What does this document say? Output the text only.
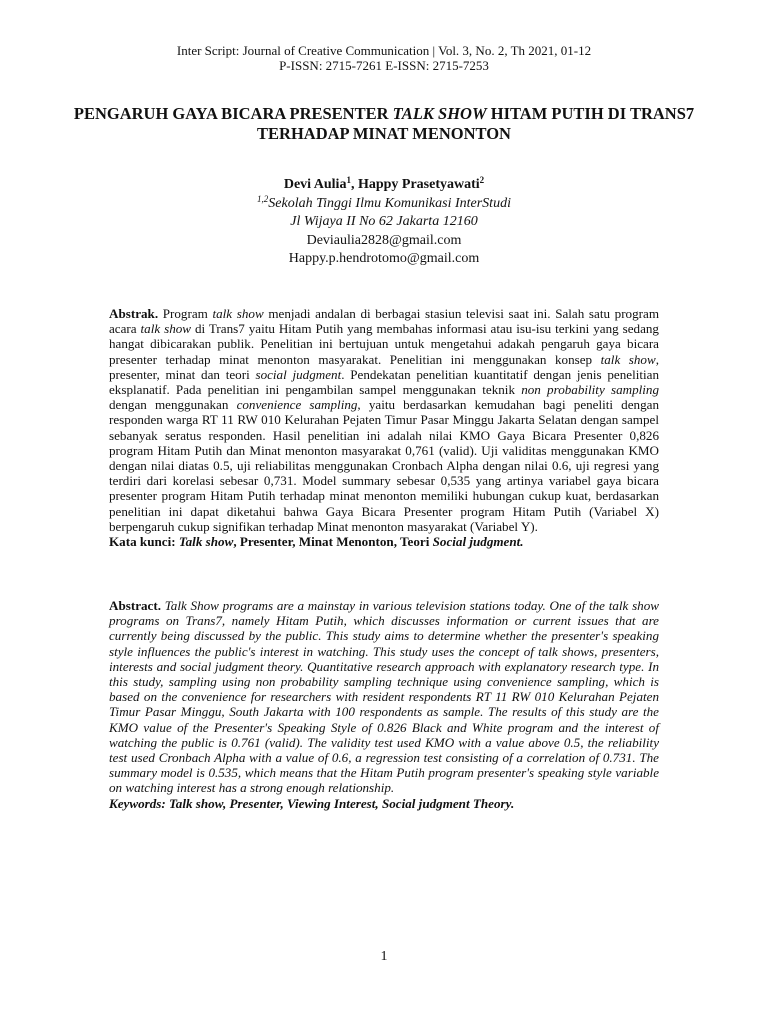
Inter Script: Journal of Creative Communication | Vol. 3, No. 2, Th 2021, 01-12
P-ISSN: 2715-7261 E-ISSN: 2715-7253
PENGARUH GAYA BICARA PRESENTER TALK SHOW HITAM PUTIH DI TRANS7 TERHADAP MINAT MENONTON
Devi Aulia$^1$, Happy Prasetyawati$^2$
$^{1,2}$Sekolah Tinggi Ilmu Komunikasi InterStudi
Jl Wijaya II No 62 Jakarta 12160
Deviaulia2828@gmail.com
Happy.p.hendrotomo@gmail.com
Abstrak. Program talk show menjadi andalan di berbagai stasiun televisi saat ini. Salah satu program acara talk show di Trans7 yaitu Hitam Putih yang membahas informasi atau isu-isu terkini yang sedang hangat dibicarakan publik. Penelitian ini bertujuan untuk mengetahui adakah pengaruh gaya bicara presenter terhadap minat menonton masyarakat. Penelitian ini menggunakan konsep talk show, presenter, minat dan teori social judgment. Pendekatan penelitian kuantitatif dengan jenis penelitian eksplanatif. Pada penelitian ini pengambilan sampel menggunakan teknik non probability sampling dengan menggunakan convenience sampling, yaitu berdasarkan kemudahan bagi peneliti dengan responden warga RT 11 RW 010 Kelurahan Pejaten Timur Pasar Minggu Jakarta Selatan dengan sampel sebanyak seratus responden. Hasil penelitian ini adalah nilai KMO Gaya Bicara Presenter 0,826 program Hitam Putih dan Minat menonton masyarakat 0,761 (valid). Uji validitas menggunakan KMO dengan nilai diatas 0.5, uji reliabilitas menggunakan Cronbach Alpha dengan nilai 0.6, uji regresi yang terdiri dari korelasi sebesar 0,731. Model summary sebesar 0,535 yang artinya variabel gaya bicara presenter program Hitam Putih terhadap minat menonton memiliki hubungan cukup kuat, berdasarkan penelitian ini dapat diketahui bahwa Gaya Bicara Presenter program Hitam Putih (Variabel X) berpengaruh cukup signifikan terhadap Minat menonton masyarakat (Variabel Y).
Kata kunci: Talk show, Presenter, Minat Menonton, Teori Social judgment.
Abstract. Talk Show programs are a mainstay in various television stations today. One of the talk show programs on Trans7, namely Hitam Putih, which discusses information or current issues that are currently being discussed by the public. This study aims to determine whether the presenter's speaking style influences the public's interest in watching. This study uses the concept of talk shows, presenters, interests and social judgment theory. Quantitative research approach with explanatory research type. In this study, sampling using non probability sampling technique using convenience sampling, which is based on the convenience for researchers with resident respondents RT 11 RW 010 Kelurahan Pejaten Timur Pasar Minggu, South Jakarta with 100 respondents as sample. The results of this study are the KMO value of the Presenter's Speaking Style of 0.826 Black and White program and the interest of watching the public is 0.761 (valid). The validity test used KMO with a value above 0.5, the reliability test used Cronbach Alpha with a value of 0.6, a regression test consisting of a correlation of 0.731. The summary model is 0.535, which means that the Hitam Putih program presenter's speaking style variable on watching interest has a strong enough relationship.
Keywords: Talk show, Presenter, Viewing Interest, Social judgment Theory.
1
